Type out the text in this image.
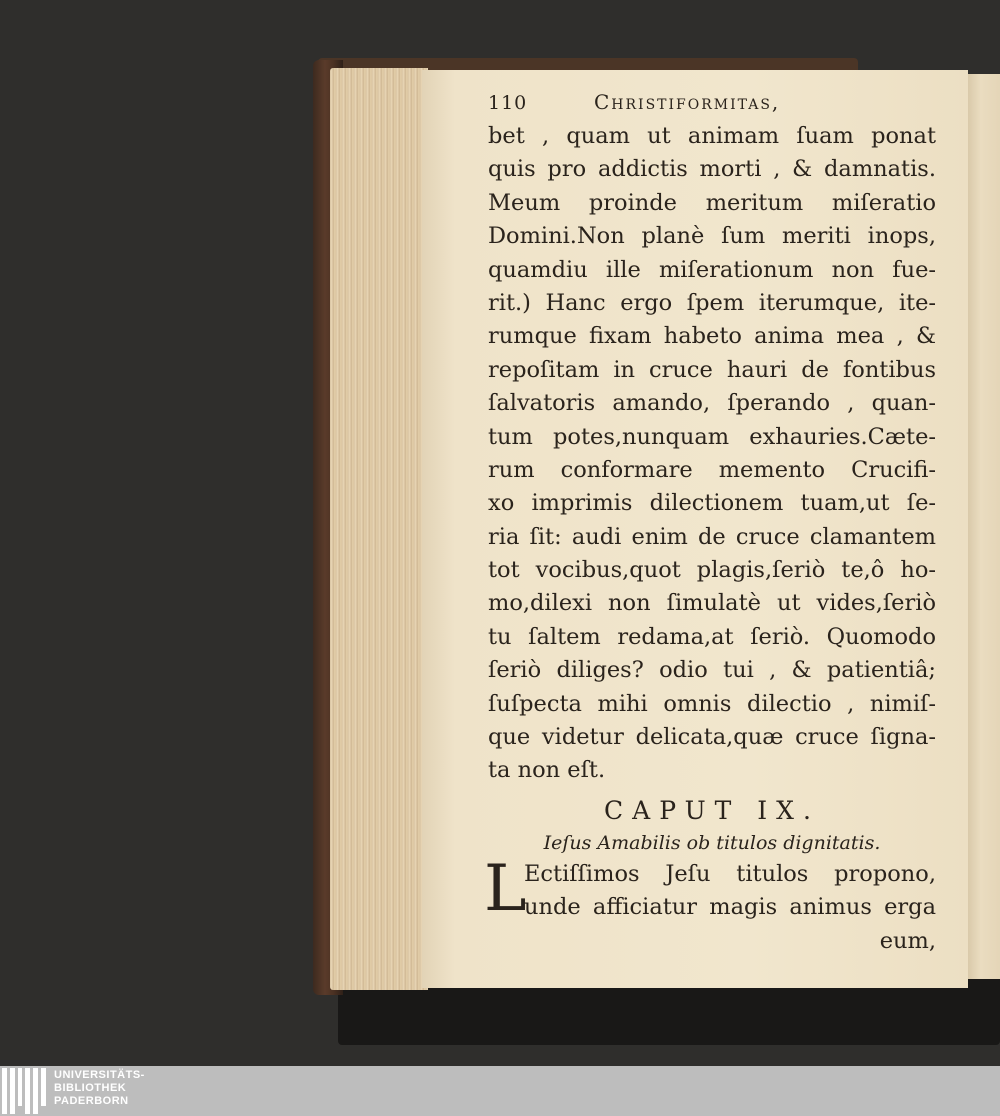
110	Christiformitas,
bet , quam ut animam ſuam ponat
quis pro addictis morti , & damnatis.
Meum proinde meritum miſeratio
Domini.Non planè ſum meriti inops,
quamdiu ille miſerationum non fue-
rit.) Hanc ergo ſpem iterumque, ite-
rumque fixam habeto anima mea , &
repoſitam in cruce hauri de fontibus
ſalvatoris amando, ſperando , quan-
tum potes,nunquam exhauries.Cæte-
rum conformare memento Crucifi-
xo imprimis dilectionem tuam,ut ſe-
ria ſit: audi enim de cruce clamantem
tot vocibus,quot plagis,ſeriò te,ô ho-
mo,dilexi non ſimulatè ut vides,ſeriò
tu ſaltem redama,at ſeriò. Quomodo
ſeriò diliges? odio tui , & patientiâ;
ſuſpecta mihi omnis dilectio , nimiſ-
que videtur delicata,quæ cruce ſigna-
ta non eſt.
CAPUT IX.
Ieſus Amabilis ob titulos dignitatis.
L
Ectiſſimos Jeſu titulos propono,
unde afficiatur magis animus erga
eum,
UNIVERSITÄTS-
BIBLIOTHEK
PADERBORN
